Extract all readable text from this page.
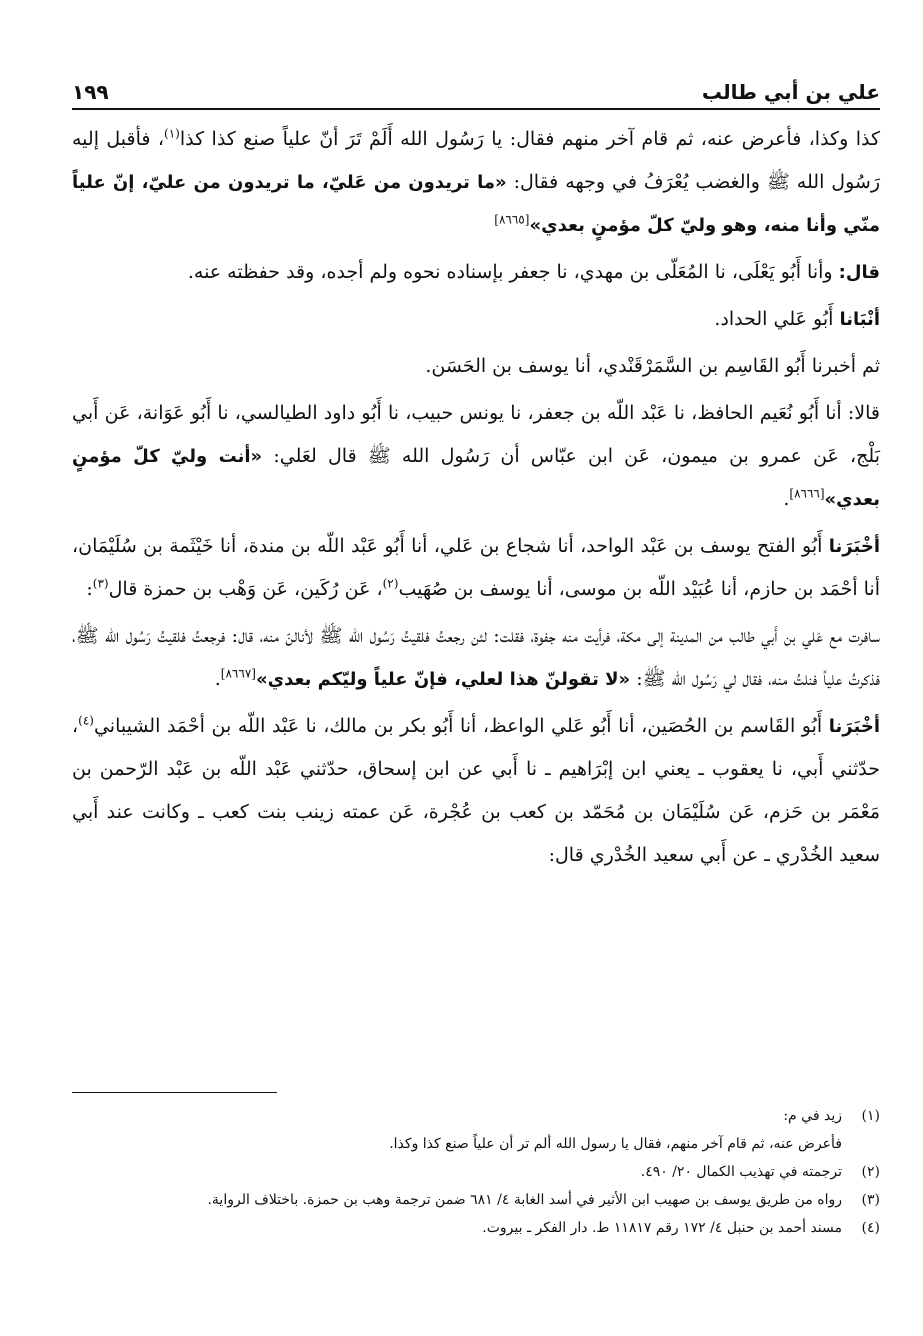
علي بن أبي طالب
١٩٩

كذا وكذا، فأعرض عنه، ثم قام آخر منهم فقال: يا رَسُول الله أَلَمْ تَرَ أنّ علياً صنع كذا كذا$^{(١)}$، فأقبل إليه رَسُول الله ﷺ والغضب يُعْرَفُ في وجهه فقال: «ما تريدون من عَليّ، ما تريدون من عليّ، إنّ علياً منّي وأنا منه، وهو وليّ كلّ مؤمنٍ بعدي»[٨٦٦٥]

قال: وأنا أَبُو يَعْلَى، نا المُعَلّى بن مهدي، نا جعفر بإسناده نحوه ولم أجده، وقد حفظته عنه.

أنْبَانا أَبُو عَلي الحداد.

ثم أخبرنا أَبُو القَاسِم بن السَّمَرْقَنْدي، أنا يوسف بن الحَسَن.

قالا: أنا أَبُو نُعَيم الحافظ، نا عَبْد اللّه بن جعفر، نا يونس حبيب، نا أَبُو داود الطيالسي، نا أَبُو عَوَانة، عَن أَبي بَلْج، عَن عمرو بن ميمون، عَن ابن عبّاس أن رَسُول الله ﷺ قال لعَلي: «أنت وليّ كلّ مؤمنٍ بعدي»[٨٦٦٦].

أخْبَرَنا أَبُو الفتح يوسف بن عَبْد الواحد، أنا شجاع بن عَلي، أنا أَبُو عَبْد اللّه بن مندة، أنا خَيْثَمة بن سُلَيْمَان، أنا أحْمَد بن حازم، أنا عُبَيْد اللّه بن موسى، أنا يوسف بن صُهَيب$^{(٢)}$، عَن رُكَين، عَن وَهْب بن حمزة قال$^{(٣)}$:

سافرت مع عَلي بن أَبي طالب من المدينة إلى مكة، فرأيت منه جفوة، فقلت: لئن رجعتُ فلقيتُ رَسُول الله ﷺ لأنالنّ منه، قال: فرجعتُ فلقيتُ رَسُول الله ﷺ، فذكرتُ علياً فنلتُ منه، فقال لي رَسُول الله ﷺ: «لا تقولنّ هذا لعلي، فإنّ علياً وليّكم بعدي»[٨٦٦٧].

أخْبَرَنا أَبُو القَاسم بن الحُصَين، أنا أَبُو عَلي الواعظ، أنا أَبُو بكر بن مالك، نا عَبْد اللّه بن أحْمَد الشيباني$^{(٤)}$، حدّثني أَبي، نا يعقوب ـ يعني ابن إبْرَاهيم ـ نا أَبي عن ابن إسحاق، حدّثني عَبْد اللّه بن عَبْد الرّحمن بن مَعْمَر بن حَزم، عَن سُلَيْمَان بن مُحَمّد بن كعب بن عُجْرة، عَن عمته زينب بنت كعب ـ وكانت عند أَبي سعيد الخُدْري ـ عن أَبي سعيد الخُدْري قال:

(١)
زيد في م:
فأعرض عنه، ثم قام آخر منهم، فقال يا رسول الله ألم تر أن علياً صنع كذا وكذا.
(٢)
ترجمته في تهذيب الكمال ٢٠/ ٤٩٠.
(٣)
رواه من طريق يوسف بن صهيب ابن الأثير في أسد الغابة ٤/ ٦٨١ ضمن ترجمة وهب بن حمزة. باختلاف الرواية.
(٤)
مسند أحمد بن حنبل ٤/ ١٧٢ رقم ١١٨١٧ ط. دار الفكر ـ بيروت.
